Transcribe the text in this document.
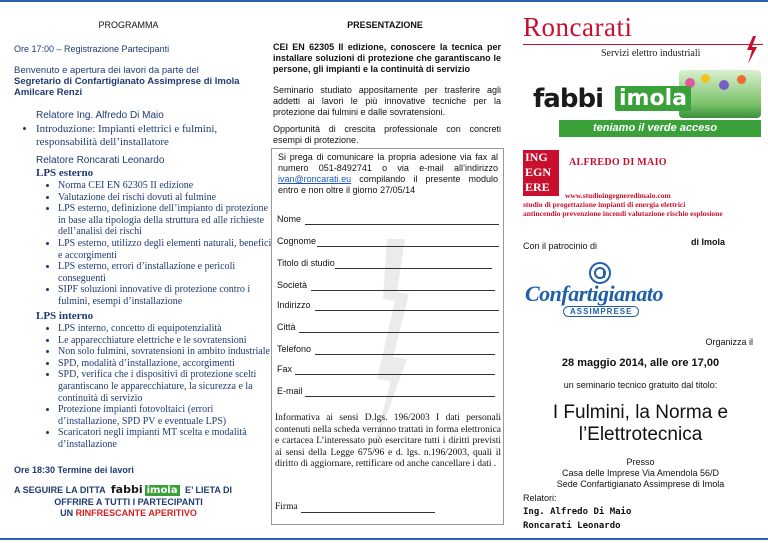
PROGRAMMA
Ore 17:00 – Registrazione Partecipanti
Benvenuto e apertura dei lavori da parte del
Segretario di Confartigianato Assimprese di Imola
Amilcare Renzi
Relatore Ing. Alfredo Di Maio
• Introduzione: Impianti elettrici e fulmini, responsabilità dell’installatore
Relatore Roncarati Leonardo
LPS esterno
• Norma CEI EN 62305 II edizione
• Valutazione dei rischi dovuti al fulmine
• LPS esterno, definizione dell’impianto di protezione in base alla tipologia della struttura ed alle richieste dell’analisi dei rischi
• LPS esterno, utilizzo degli elementi naturali, benefici e accorgimenti
• LPS esterno, errori d’installazione e pericoli conseguenti
• SIPF soluzioni innovative di protezione contro i fulmini, esempi d’installazione
LPS interno
• LPS interno, concetto di equipotenzialità
• Le apparecchiature elettriche e le sovratensioni
• Non solo fulmini, sovratensioni in ambito industriale
• SPD, modalità d’installazione, accorgimenti
• SPD, verifica che i dispositivi di protezione scelti garantiscano le apparecchiature, la sicurezza e la continuità di servizio
• Protezione impianti fotovoltaici (errori d’installazione, SPD PV e eventuale LPS)
• Scaricatori negli impianti MT scelta e modalità d’installazione
Ore 18:30 Termine dei lavori
A SEGUIRE LA DITTA fabbi imola E’ LIETA DI
OFFRIRE A TUTTI I PARTECIPANTI
UN RINFRESCANTE APERITIVO
PRESENTAZIONE
CEI EN 62305 II edizione, conoscere la tecnica per installare soluzioni di protezione che garantiscano le persone, gli impianti e la continuità di servizio
Seminario studiato appositamente per trasferire agli addetti ai lavori le più innovative tecniche per la protezione dai fulmini e dalle sovratensioni.
Opportunità di crescita professionale con concreti esempi di protezione.
Si prega di comunicare la propria adesione via fax al numero 051-8492741 o via e-mail all’indirizzo ivan@roncarati.eu compilando il presente modulo entro e non oltre il giorno 27/05/14
Nome
Cognome
Titolo di studio
Società
Indirizzo
Città
Telefono
Fax
E-mail
Informativa ai sensi D.lgs. 196/2003 I dati personali contenuti nella scheda verranno trattati in forma elettronica e cartacea L’interessato può esercitare tutti i diritti previsti ai sensi della Legge 675/96 e d. lgs. n.196/2003, quali il diritto di aggiornare, rettificare od anche cancellare i dati .
Firma
Roncarati
Servizi elettro industriali
fabbi imola
teniamo il verde acceso
ING
EGN
ERE
ALFREDO DI MAIO
www.studioingegneredimaio.com
studio di progettazione impianti di energia elettrici
antincendio prevenzione incendi valutazione rischio esplosione
Con il patrocinio di	di Imola
Confartigianato
ASSIMPRESE
Organizza il
28 maggio 2014, alle ore 17,00
un seminario tecnico gratuito dal titolo:
I Fulmini, la Norma e
l’Elettrotecnica
Presso
Casa delle Imprese Via Amendola 56/D
Sede Confartigianato Assimprese di Imola
Relatori:
Ing. Alfredo Di Maio
Roncarati Leonardo
